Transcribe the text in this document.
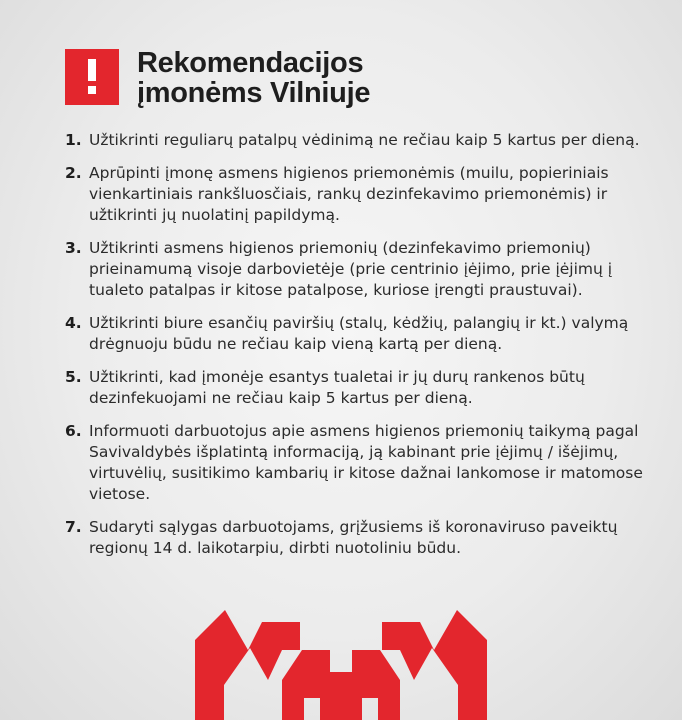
Rekomendacijos
įmonėms Vilniuje
1. Užtikrinti reguliarų patalpų vėdinimą ne rečiau kaip 5 kartus per dieną.
2. Aprūpinti įmonę asmens higienos priemonėmis (muilu, popieriniais vienkartiniais rankšluosčiais, rankų dezinfekavimo priemonėmis) ir užtikrinti jų nuolatinį papildymą.
3. Užtikrinti asmens higienos priemonių (dezinfekavimo priemonių) prieinamumą visoje darbovietėje (prie centrinio įėjimo, prie įėjimų į tualeto patalpas ir kitose patalpose, kuriose įrengti praustuvai).
4. Užtikrinti biure esančių paviršių (stalų, kėdžių, palangių ir kt.) valymą drėgnuoju būdu ne rečiau kaip vieną kartą per dieną.
5. Užtikrinti, kad įmonėje esantys tualetai ir jų durų rankenos būtų dezinfekuojami ne rečiau kaip 5 kartus per dieną.
6. Informuoti darbuotojus apie asmens higienos priemonių taikymą pagal Savivaldybės išplatintą informaciją, ją kabinant prie įėjimų / išėjimų, virtuvėlių, susitikimo kambarių ir kitose dažnai lankomose ir matomose vietose.
7. Sudaryti sąlygas darbuotojams, grįžusiems iš koronaviruso paveiktų regionų 14 d. laikotarpiu, dirbti nuotoliniu būdu.
